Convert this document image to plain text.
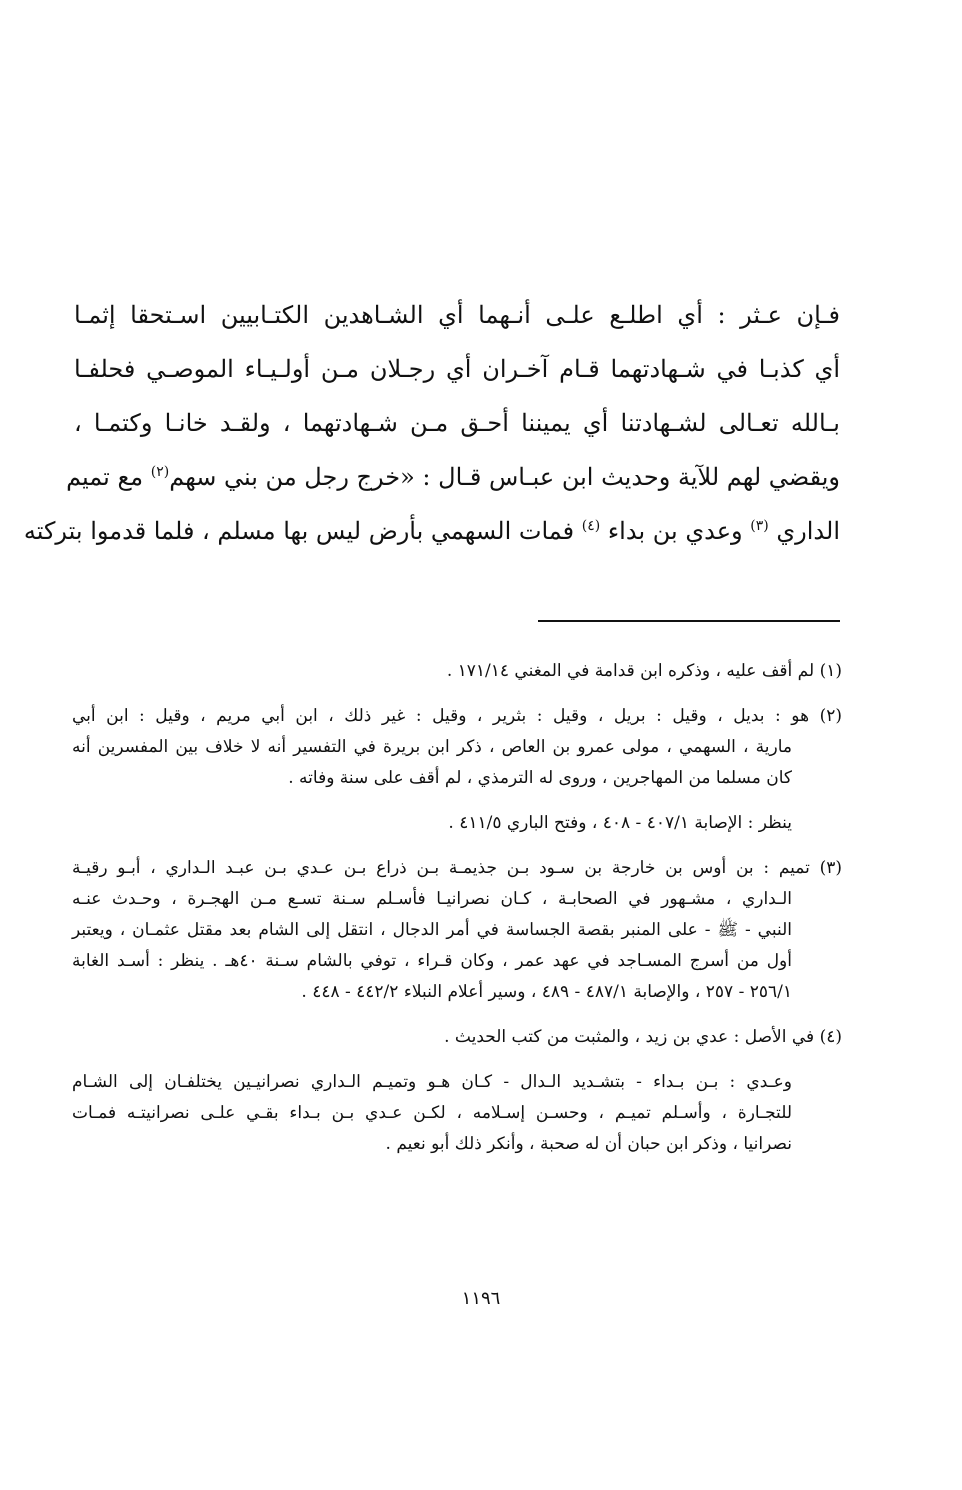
فـإن عـثر : أي اطلـع علـى أنـهما أي الشـاهدين الكتـابيين اسـتحقا إثمـا
أي كذبـا في شـهادتهما قـام آخـران أي رجـلان مـن أولـيـاء الموصـي فحلفـا
بـالله تعـالى لشـهادتنا أي يميننا أحـق مـن شـهادتهما ، ولقـد خانـا وكتمـا ،
ويقضي لهم للآية وحديث ابن عبـاس قـال : «خرج رجل من بني سهم$^{(٢)}$ مع تميم
الداري $^{(٣)}$ وعدي بن بداء $^{(٤)}$ فمات السهمي بأرض ليس بها مسلم ، فلما قدموا بتركته
(١) لم أقف عليه ، وذكره ابن قدامة في المغني ١٧١/١٤ .
(٢) هو : بديل ، وقيل : بريل ، وقيل : بثرير ، وقيل : غير ذلك ، ابن أبي مريم ، وقيل : ابن أبي
مارية ، السهمي ، مولى عمرو بن العاص ، ذكر ابن بريرة في التفسير أنه لا خلاف بين المفسرين أنه
كان مسلما من المهاجرين ، وروى له الترمذي ، لم أقف على سنة وفاته .
ينظر : الإصابة ٤٠٧/١ - ٤٠٨ ، وفتح الباري ٤١١/٥ .
(٣) تميم : بن أوس بن خارجة بن سـود بـن جذيمـة بـن ذراع بـن عـدي بـن عبـد الـداري ، أبـو رقيـة
الـداري ، مشـهور في الصحابـة ، كـان نصرانيـا فأسـلم سـنة تسـع مـن الهجـرة ، وحـدث عنـه
النبي - ﷺ - على المنبر بقصة الجساسة في أمر الدجال ، انتقل إلى الشام بعد مقتل عثمـان ، ويعتبر
أول من أسرج المسـاجد في عهد عمر ، وكان قـراء ، توفي بالشام سـنة ٤٠هـ . ينظر : أسـد الغابة
٢٥٦/١ - ٢٥٧ ، والإصابة ٤٨٧/١ - ٤٨٩ ، وسير أعلام النبلاء ٤٤٢/٢ - ٤٤٨ .
(٤) في الأصل : عدي بن زيد ، والمثبت من كتب الحديث .
وعـدي : بـن بـداء - بتشـديد الـدال - كـان هـو وتميـم الـداري نصرانيـين يختلفـان إلى الشـام
للتجـارة ، وأسـلم تميـم ، وحسـن إسـلامه ، لكـن عـدي بـن بـداء بقـي علـى نصرانيتـه فمـات
نصرانيا ، وذكر ابن حبان أن له صحبة ، وأنكر ذلك أبو نعيم .
١١٩٦
